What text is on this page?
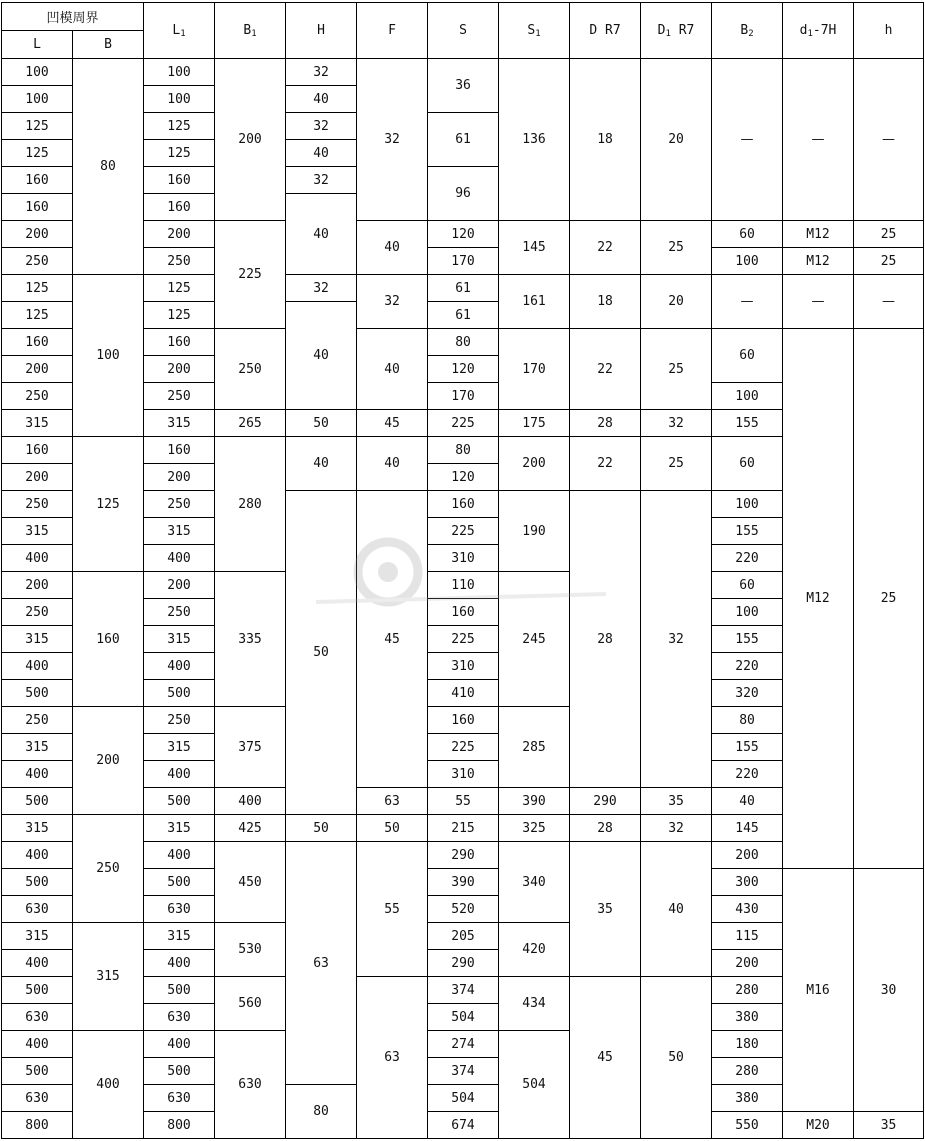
凹模周界		$L_1$	$B_1$	H	F	S	$S_1$	D R7	$D_1$ R7	$B_2$	$d_1-7H$	h	
L	B												
100	80	100	200	32	32	36	136	18	20	—	—	—	
100		100		40									
125		125		32		61							
125		125		40									
160		160		32		96							
160		160		40									
200		200	225		40	120	145	22	25	60	M12	25	
250		250				170				100	M12	25	
125	100	125		32	32	61	161	18	20	—	—	—	
125		125		40		61							
160		160	250		40	80	170	22	25	60	M12	25	
200		200				120							
250		250				170				100			
315		315	265	50	45	225	175	28	32	155			
160	125	160	280	40	40	80	200	22	25	60			
200		200				120							
250		250		50	45	160	190	28	32	100			
315		315				225				155			
400		400				310				220			
200	160	200	335			110	245			60			
250		250				160				100			
315		315				225				155			
400		400				310				220			
500		500				410				320			
250	200	250	375			160	285			80			
315		315				225				155			
400		400				310				220			
500		500	400		63	55	390	290	35	40	
315	250	315	425	50	50	215	325	28	32	145			
400		400	450	63	55	290	340	35	40	200			
500		500				390				300	M16	30	
630		630				520				430			
315	315	315	530			205	420			115			
400		400				290				200			
500		500	560		63	374	434	45	50	280			
630		630				504				380			
400	400	400	630			274	504			180			
500		500				374				280			
630		630		80		504				380			
800		800				674				550	M20	35	
